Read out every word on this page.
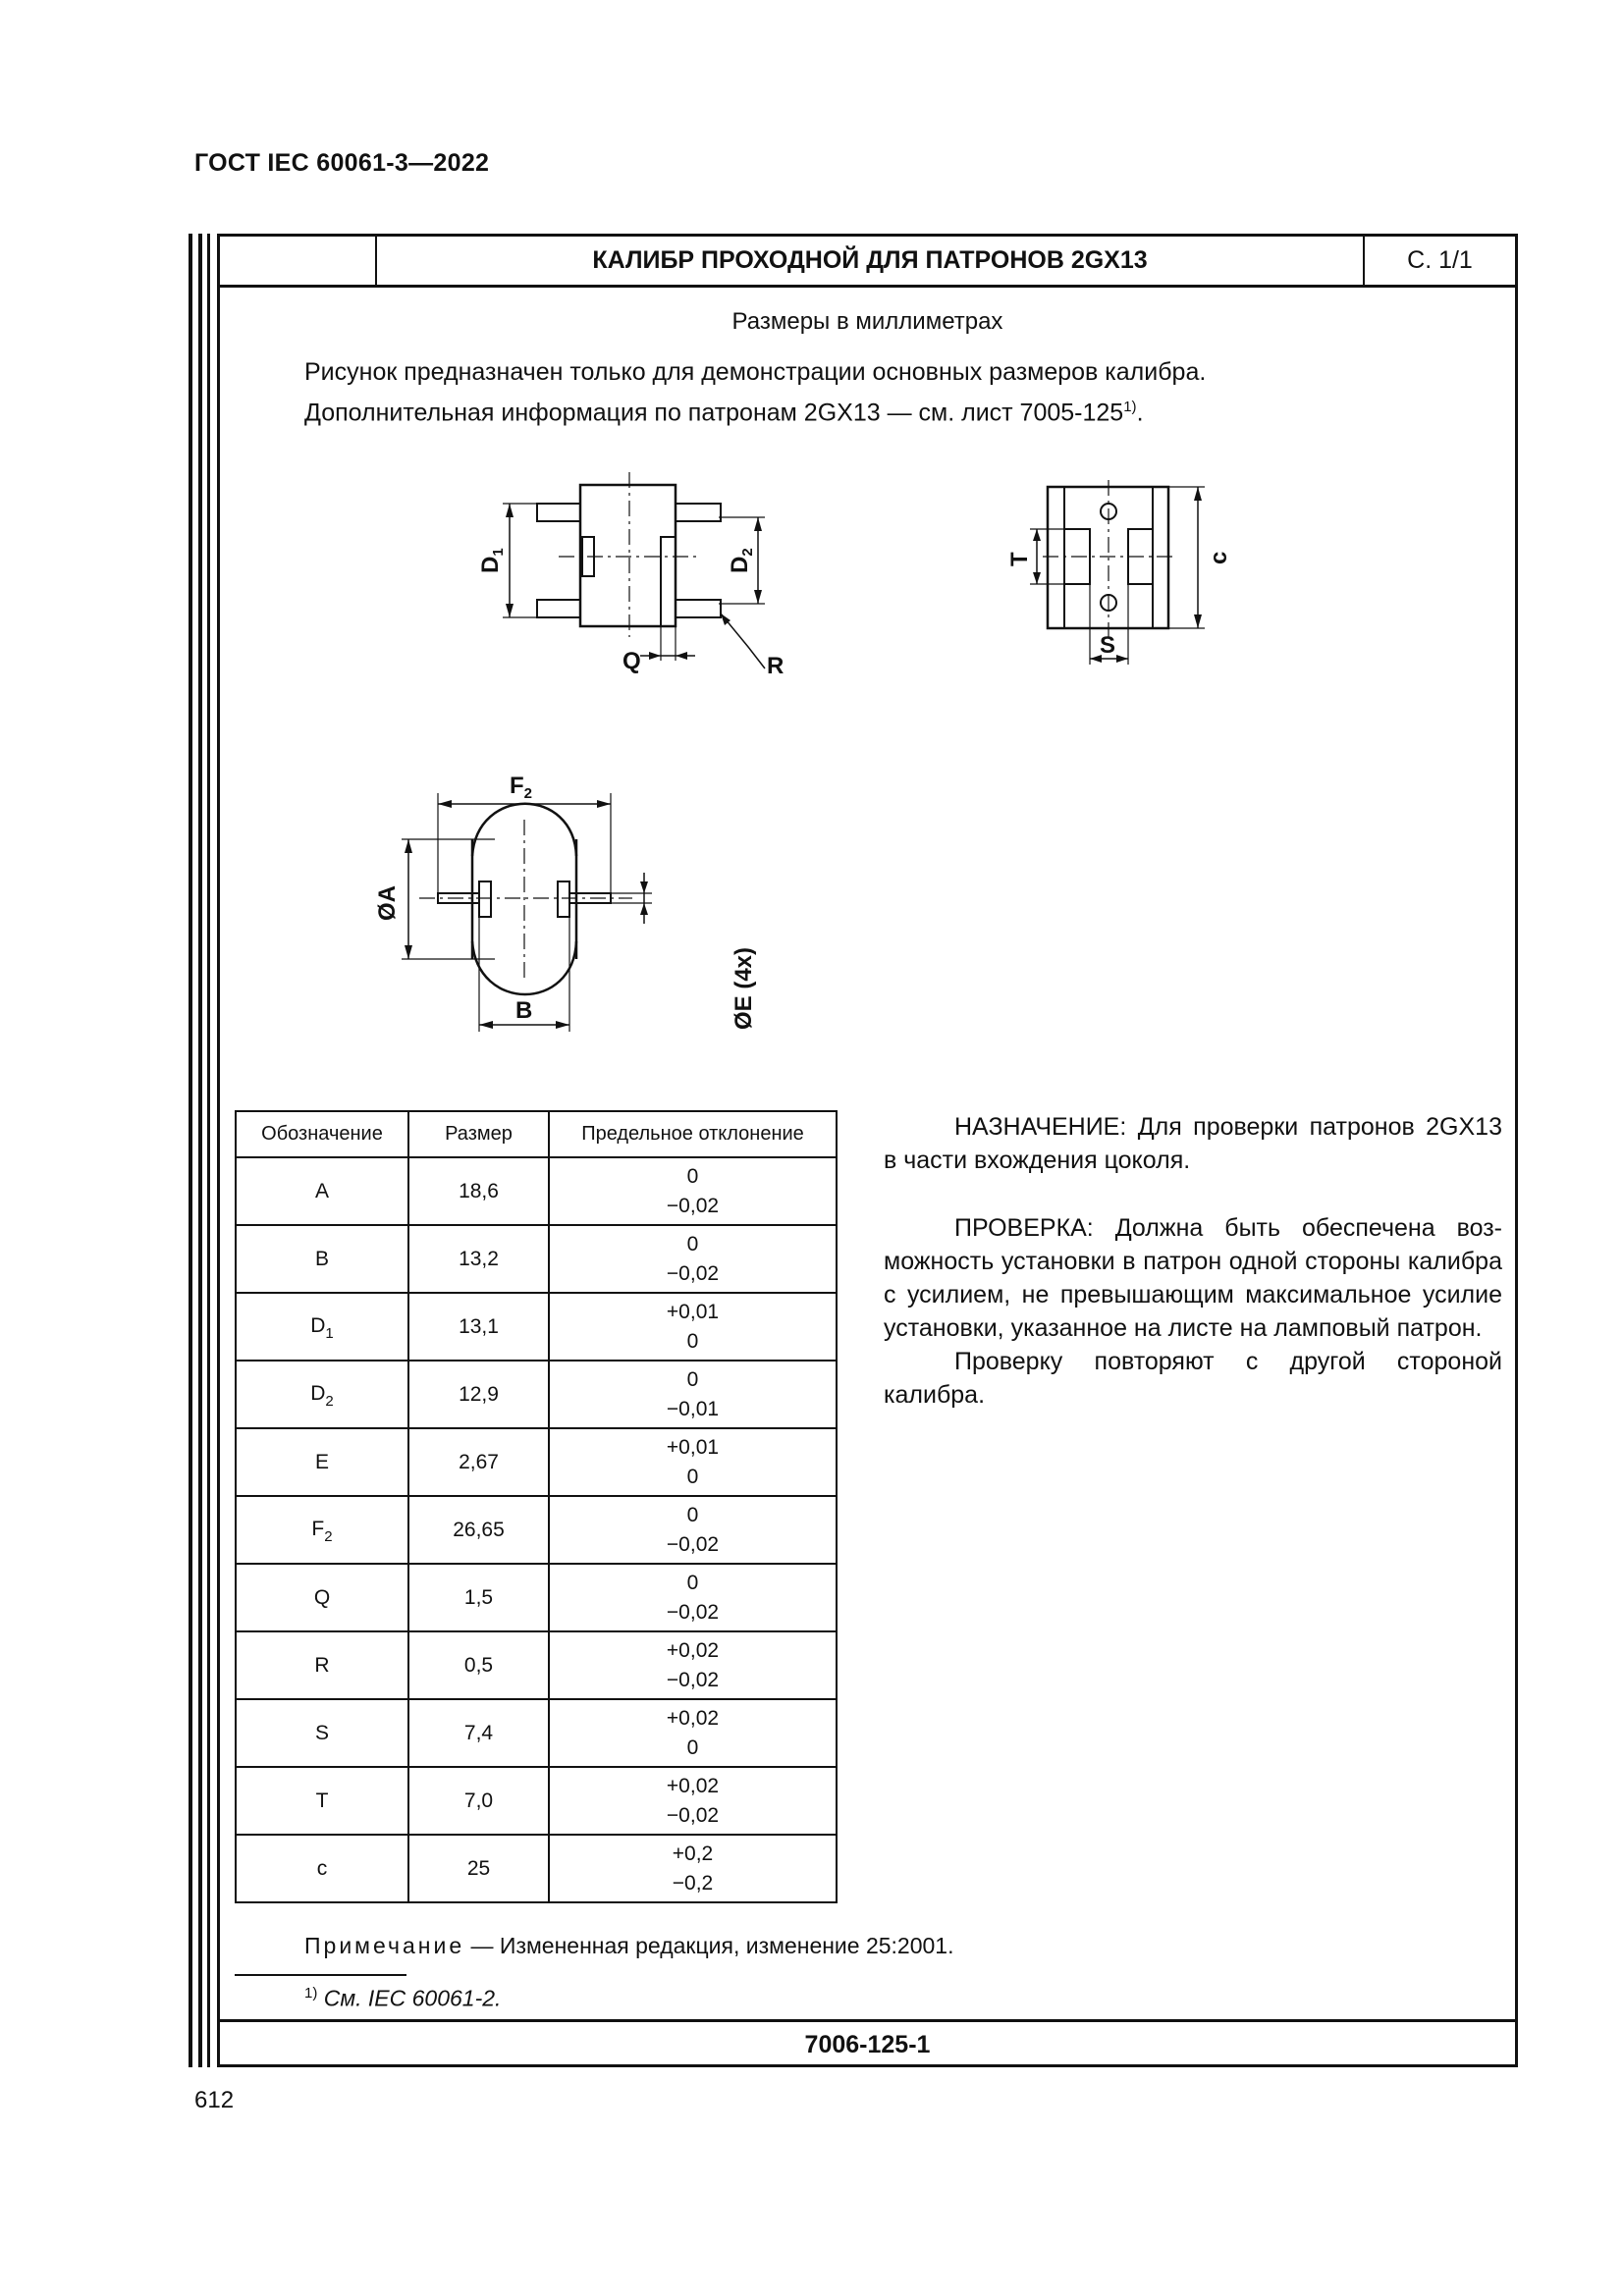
ГОСТ IEC 60061-3—2022
КАЛИБР ПРОХОДНОЙ ДЛЯ ПАТРОНОВ 2GX13	С. 1/1
Размеры в миллиметрах
Рисунок предназначен только для демонстрации основных размеров калибра.
Дополнительная информация по патронам 2GX13 — см. лист 7005-125$^{1)}$.
$D_1$
$D_2$
Q	R
T	c
S
$F_2$
ØA
ØE (4x)
B
Обозначение	Размер	Предельное отклонение
A	18,6	0
−0,02

B	13,2	0
−0,02

$D_1$	13,1	+0,01
0

$D_2$	12,9	0
−0,01

E	2,67	+0,01
0

$F_2$	26,65	0
−0,02

Q	1,5	0
−0,02

R	0,5	+0,02
−0,02

S	7,4	+0,02
0

T	7,0	+0,02
−0,02

c	25	+0,2
−0,2

НАЗНАЧЕНИЕ: Для проверки патронов 2GX13 в части вхождения цоколя.

ПРОВЕРКА: Должна быть обеспечена возможность установки в патрон одной стороны калибра с усилием, не превышающим максимальное усилие установки, указанное на листе на ламповый патрон.

Проверку повторяют с другой стороной калибра.

Примечание — Измененная редакция, изменение 25:2001.
$^{1)}$ См. IEC 60061-2.
7006-125-1
612
